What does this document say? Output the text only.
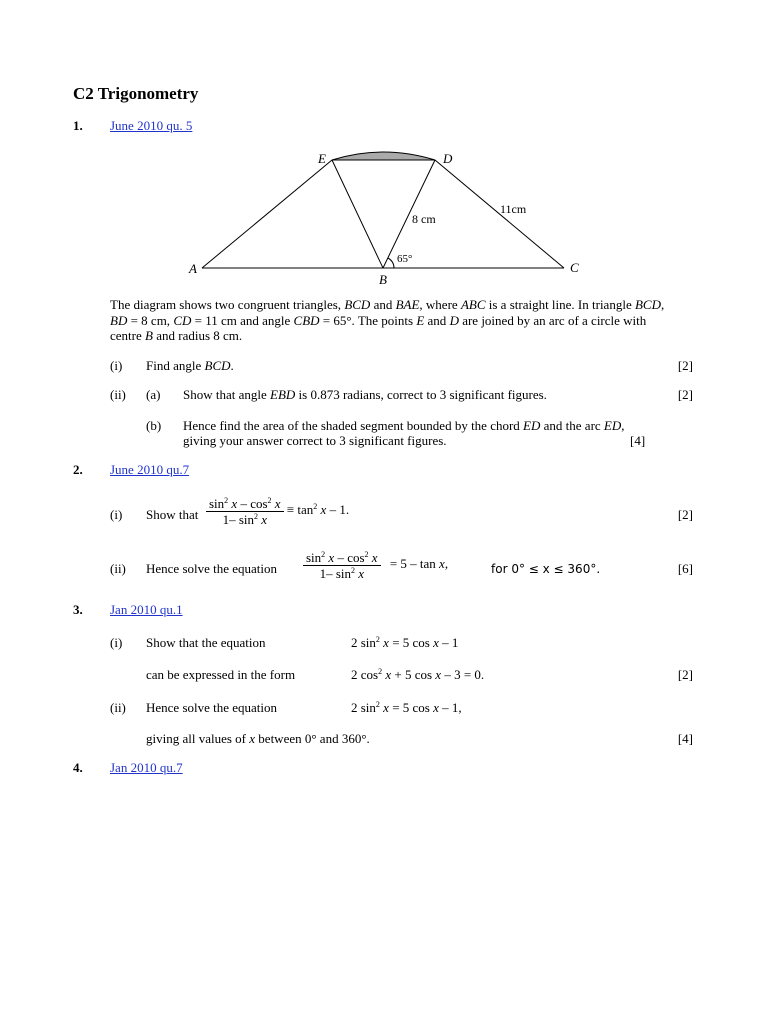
C2 Trigonometry
1. June 2010 qu. 5
E	D
A
B
C
8 cm
11cm
65°
The diagram shows two congruent triangles, BCD and BAE, where ABC is a straight line. In triangle BCD, BD = 8 cm, CD = 11 cm and angle CBD = 65°. The points E and D are joined by an arc of a circle with centre B and radius 8 cm.
(i) Find angle BCD.	[2]
(ii) (a) Show that angle EBD is 0.873 radians, correct to 3 significant figures.	[2]
(b) Hence find the area of the shaded segment bounded by the chord ED and the arc ED,
giving your answer correct to 3 significant figures.	[4]
2. June 2010 qu.7
(i) Show that $\frac{\sin^2 x - \cos^2 x}{1- \sin^2 x} \equiv \tan^2 x - 1$.	[2]
(ii) Hence solve the equation $\frac{\sin^2 x - \cos^2 x}{1- \sin^2 x} = 5 - \tan x$,	for 0° ≤ x ≤ 360°.	[6]
3. Jan 2010 qu.1
(i) Show that the equation	2 $\sin^2 x = 5$ cos x – 1
can be expressed in the form	2 $\cos^2 x + 5$ cos x – 3 = 0.	[2]
(ii) Hence solve the equation	2 $\sin^2 x = 5$ cos x – 1,
giving all values of x between 0° and 360°.	[4]
4. Jan 2010 qu.7
